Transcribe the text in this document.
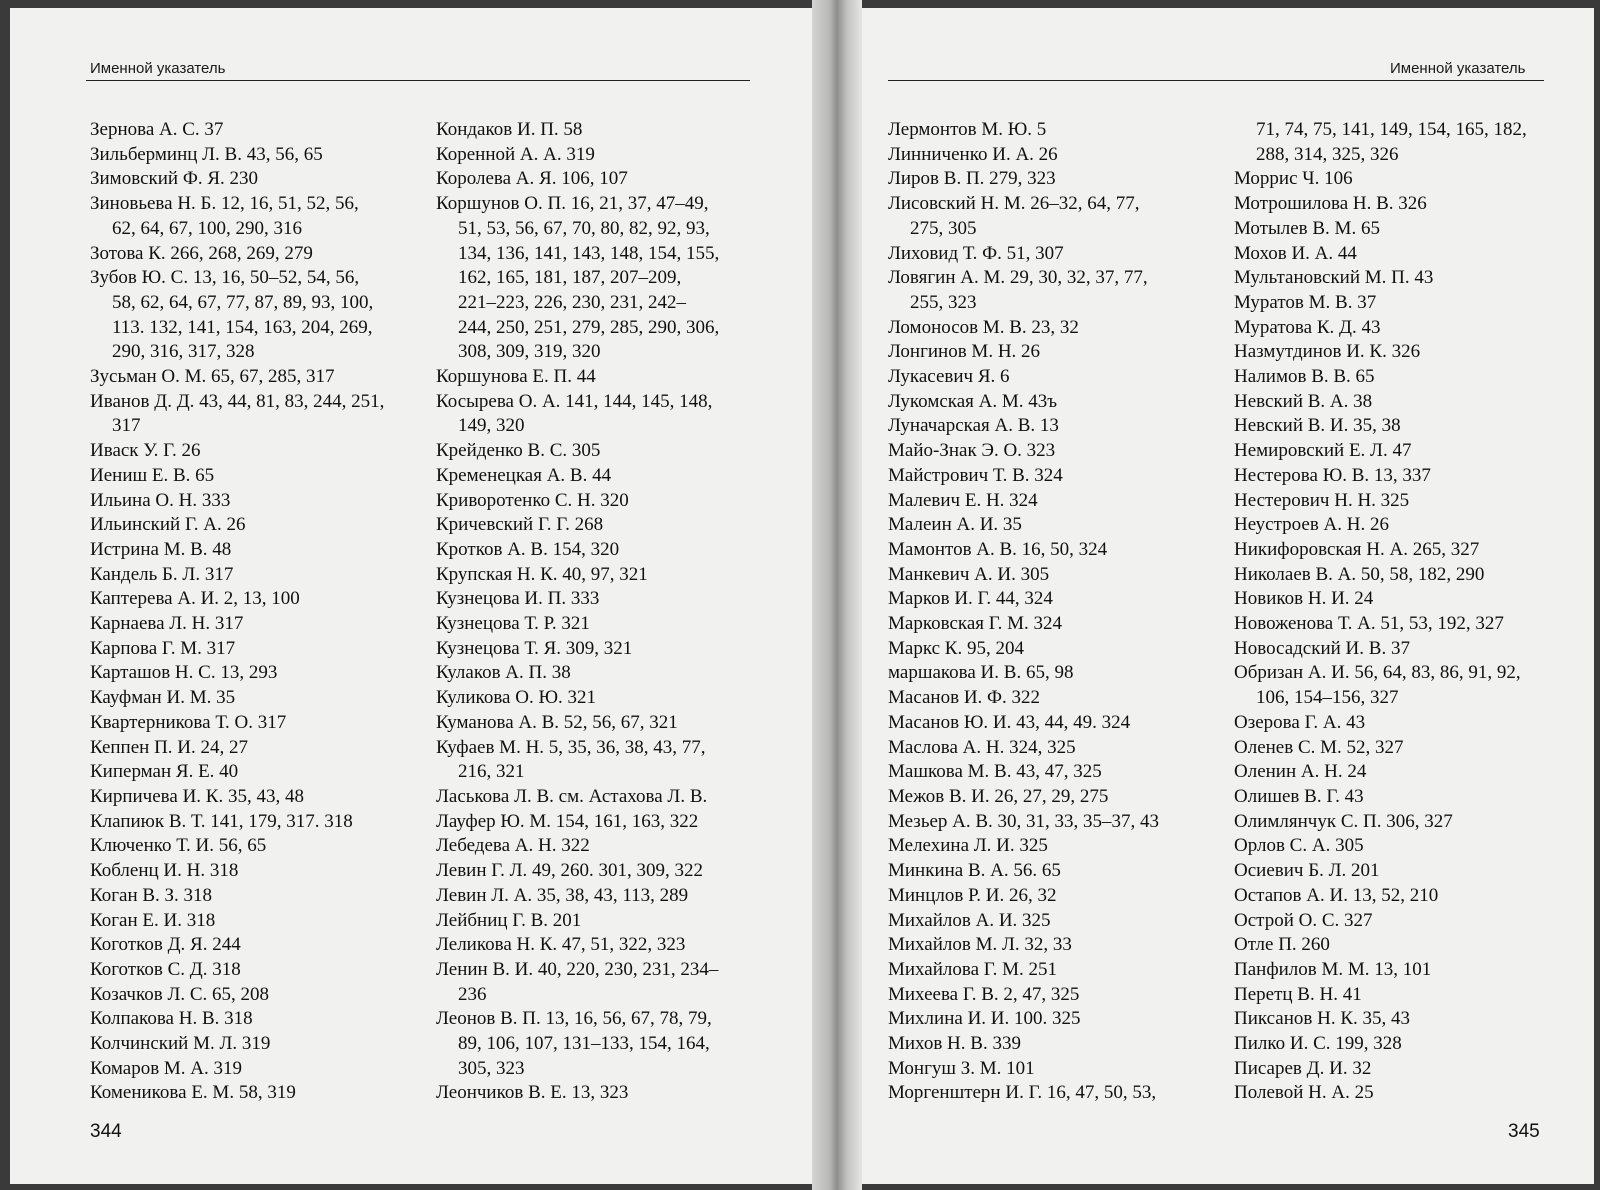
Именной указатель
Зернова А. С. 37
Зильберминц Л. В. 43, 56, 65
Зимовский Ф. Я. 230
Зиновьева Н. Б. 12, 16, 51, 52, 56,
62, 64, 67, 100, 290, 316
Зотова К. 266, 268, 269, 279
Зубов Ю. С. 13, 16, 50–52, 54, 56,
58, 62, 64, 67, 77, 87, 89, 93, 100,
113. 132, 141, 154, 163, 204, 269,
290, 316, 317, 328
Зусьман О. М. 65, 67, 285, 317
Иванов Д. Д. 43, 44, 81, 83, 244, 251,
317
Иваск У. Г. 26
Иениш Е. В. 65
Ильина О. Н. 333
Ильинский Г. А. 26
Истрина М. В. 48
Кандель Б. Л. 317
Каптерева А. И. 2, 13, 100
Карнаева Л. Н. 317
Карпова Г. М. 317
Карташов Н. С. 13, 293
Кауфман И. М. 35
Квартерникова Т. О. 317
Кеппен П. И. 24, 27
Киперман Я. Е. 40
Кирпичева И. К. 35, 43, 48
Клапиюк В. Т. 141, 179, 317. 318
Ключенко Т. И. 56, 65
Кобленц И. Н. 318
Коган В. З. 318
Коган Е. И. 318
Коготков Д. Я. 244
Коготков С. Д. 318
Козачков Л. С. 65, 208
Колпакова Н. В. 318
Колчинский М. Л. 319
Комаров М. А. 319
Коменикова Е. М. 58, 319
Кондаков И. П. 58
Коренной А. А. 319
Королева А. Я. 106, 107
Коршунов О. П. 16, 21, 37, 47–49,
51, 53, 56, 67, 70, 80, 82, 92, 93,
134, 136, 141, 143, 148, 154, 155,
162, 165, 181, 187, 207–209,
221–223, 226, 230, 231, 242–
244, 250, 251, 279, 285, 290, 306,
308, 309, 319, 320
Коршунова Е. П. 44
Косырева О. А. 141, 144, 145, 148,
149, 320
Крейденко В. С. 305
Кременецкая А. В. 44
Криворотенко С. Н. 320
Кричевский Г. Г. 268
Кротков А. В. 154, 320
Крупская Н. К. 40, 97, 321
Кузнецова И. П. 333
Кузнецова Т. Р. 321
Кузнецова Т. Я. 309, 321
Кулаков А. П. 38
Куликова О. Ю. 321
Куманова А. В. 52, 56, 67, 321
Куфаев М. Н. 5, 35, 36, 38, 43, 77,
216, 321
Ласькова Л. В. см. Астахова Л. В.
Лауфер Ю. М. 154, 161, 163, 322
Лебедева А. Н. 322
Левин Г. Л. 49, 260. 301, 309, 322
Левин Л. А. 35, 38, 43, 113, 289
Лейбниц Г. В. 201
Леликова Н. К. 47, 51, 322, 323
Ленин В. И. 40, 220, 230, 231, 234–
236
Леонов В. П. 13, 16, 56, 67, 78, 79,
89, 106, 107, 131–133, 154, 164,
305, 323
Леончиков В. Е. 13, 323
344
Именной указатель
Лермонтов М. Ю. 5
Линниченко И. А. 26
Лиров В. П. 279, 323
Лисовский Н. М. 26–32, 64, 77,
275, 305
Лиховид Т. Ф. 51, 307
Ловягин А. М. 29, 30, 32, 37, 77,
255, 323
Ломоносов М. В. 23, 32
Лонгинов М. Н. 26
Лукасевич Я. 6
Лукомская А. М. 43ъ
Луначарская А. В. 13
Майо-Знак Э. О. 323
Майстрович Т. В. 324
Малевич Е. Н. 324
Малеин А. И. 35
Мамонтов А. В. 16, 50, 324
Манкевич А. И. 305
Марков И. Г. 44, 324
Марковская Г. М. 324
Маркс К. 95, 204
маршакова И. В. 65, 98
Масанов И. Ф. 322
Масанов Ю. И. 43, 44, 49. 324
Маслова А. Н. 324, 325
Машкова М. В. 43, 47, 325
Межов В. И. 26, 27, 29, 275
Мезьер А. В. 30, 31, 33, 35–37, 43
Мелехина Л. И. 325
Минкина В. А. 56. 65
Минцлов Р. И. 26, 32
Михайлов А. И. 325
Михайлов М. Л. 32, 33
Михайлова Г. М. 251
Михеева Г. В. 2, 47, 325
Михлина И. И. 100. 325
Михов Н. В. 339
Монгуш З. М. 101
Моргенштерн И. Г. 16, 47, 50, 53,
71, 74, 75, 141, 149, 154, 165, 182,
288, 314, 325, 326
Моррис Ч. 106
Мотрошилова Н. В. 326
Мотылев В. М. 65
Мохов И. А. 44
Мультановский М. П. 43
Муратов М. В. 37
Муратова К. Д. 43
Назмутдинов И. К. 326
Налимов В. В. 65
Невский В. А. 38
Невский В. И. 35, 38
Немировский Е. Л. 47
Нестерова Ю. В. 13, 337
Нестерович Н. Н. 325
Неустроев А. Н. 26
Никифоровская Н. А. 265, 327
Николаев В. А. 50, 58, 182, 290
Новиков Н. И. 24
Новоженова Т. А. 51, 53, 192, 327
Новосадский И. В. 37
Обризан А. И. 56, 64, 83, 86, 91, 92,
106, 154–156, 327
Озерова Г. А. 43
Оленев С. М. 52, 327
Оленин А. Н. 24
Олишев В. Г. 43
Олимлянчук С. П. 306, 327
Орлов С. А. 305
Осиевич Б. Л. 201
Остапов А. И. 13, 52, 210
Острой О. С. 327
Отле П. 260
Панфилов М. М. 13, 101
Перетц В. Н. 41
Пиксанов Н. К. 35, 43
Пилко И. С. 199, 328
Писарев Д. И. 32
Полевой Н. А. 25
345
